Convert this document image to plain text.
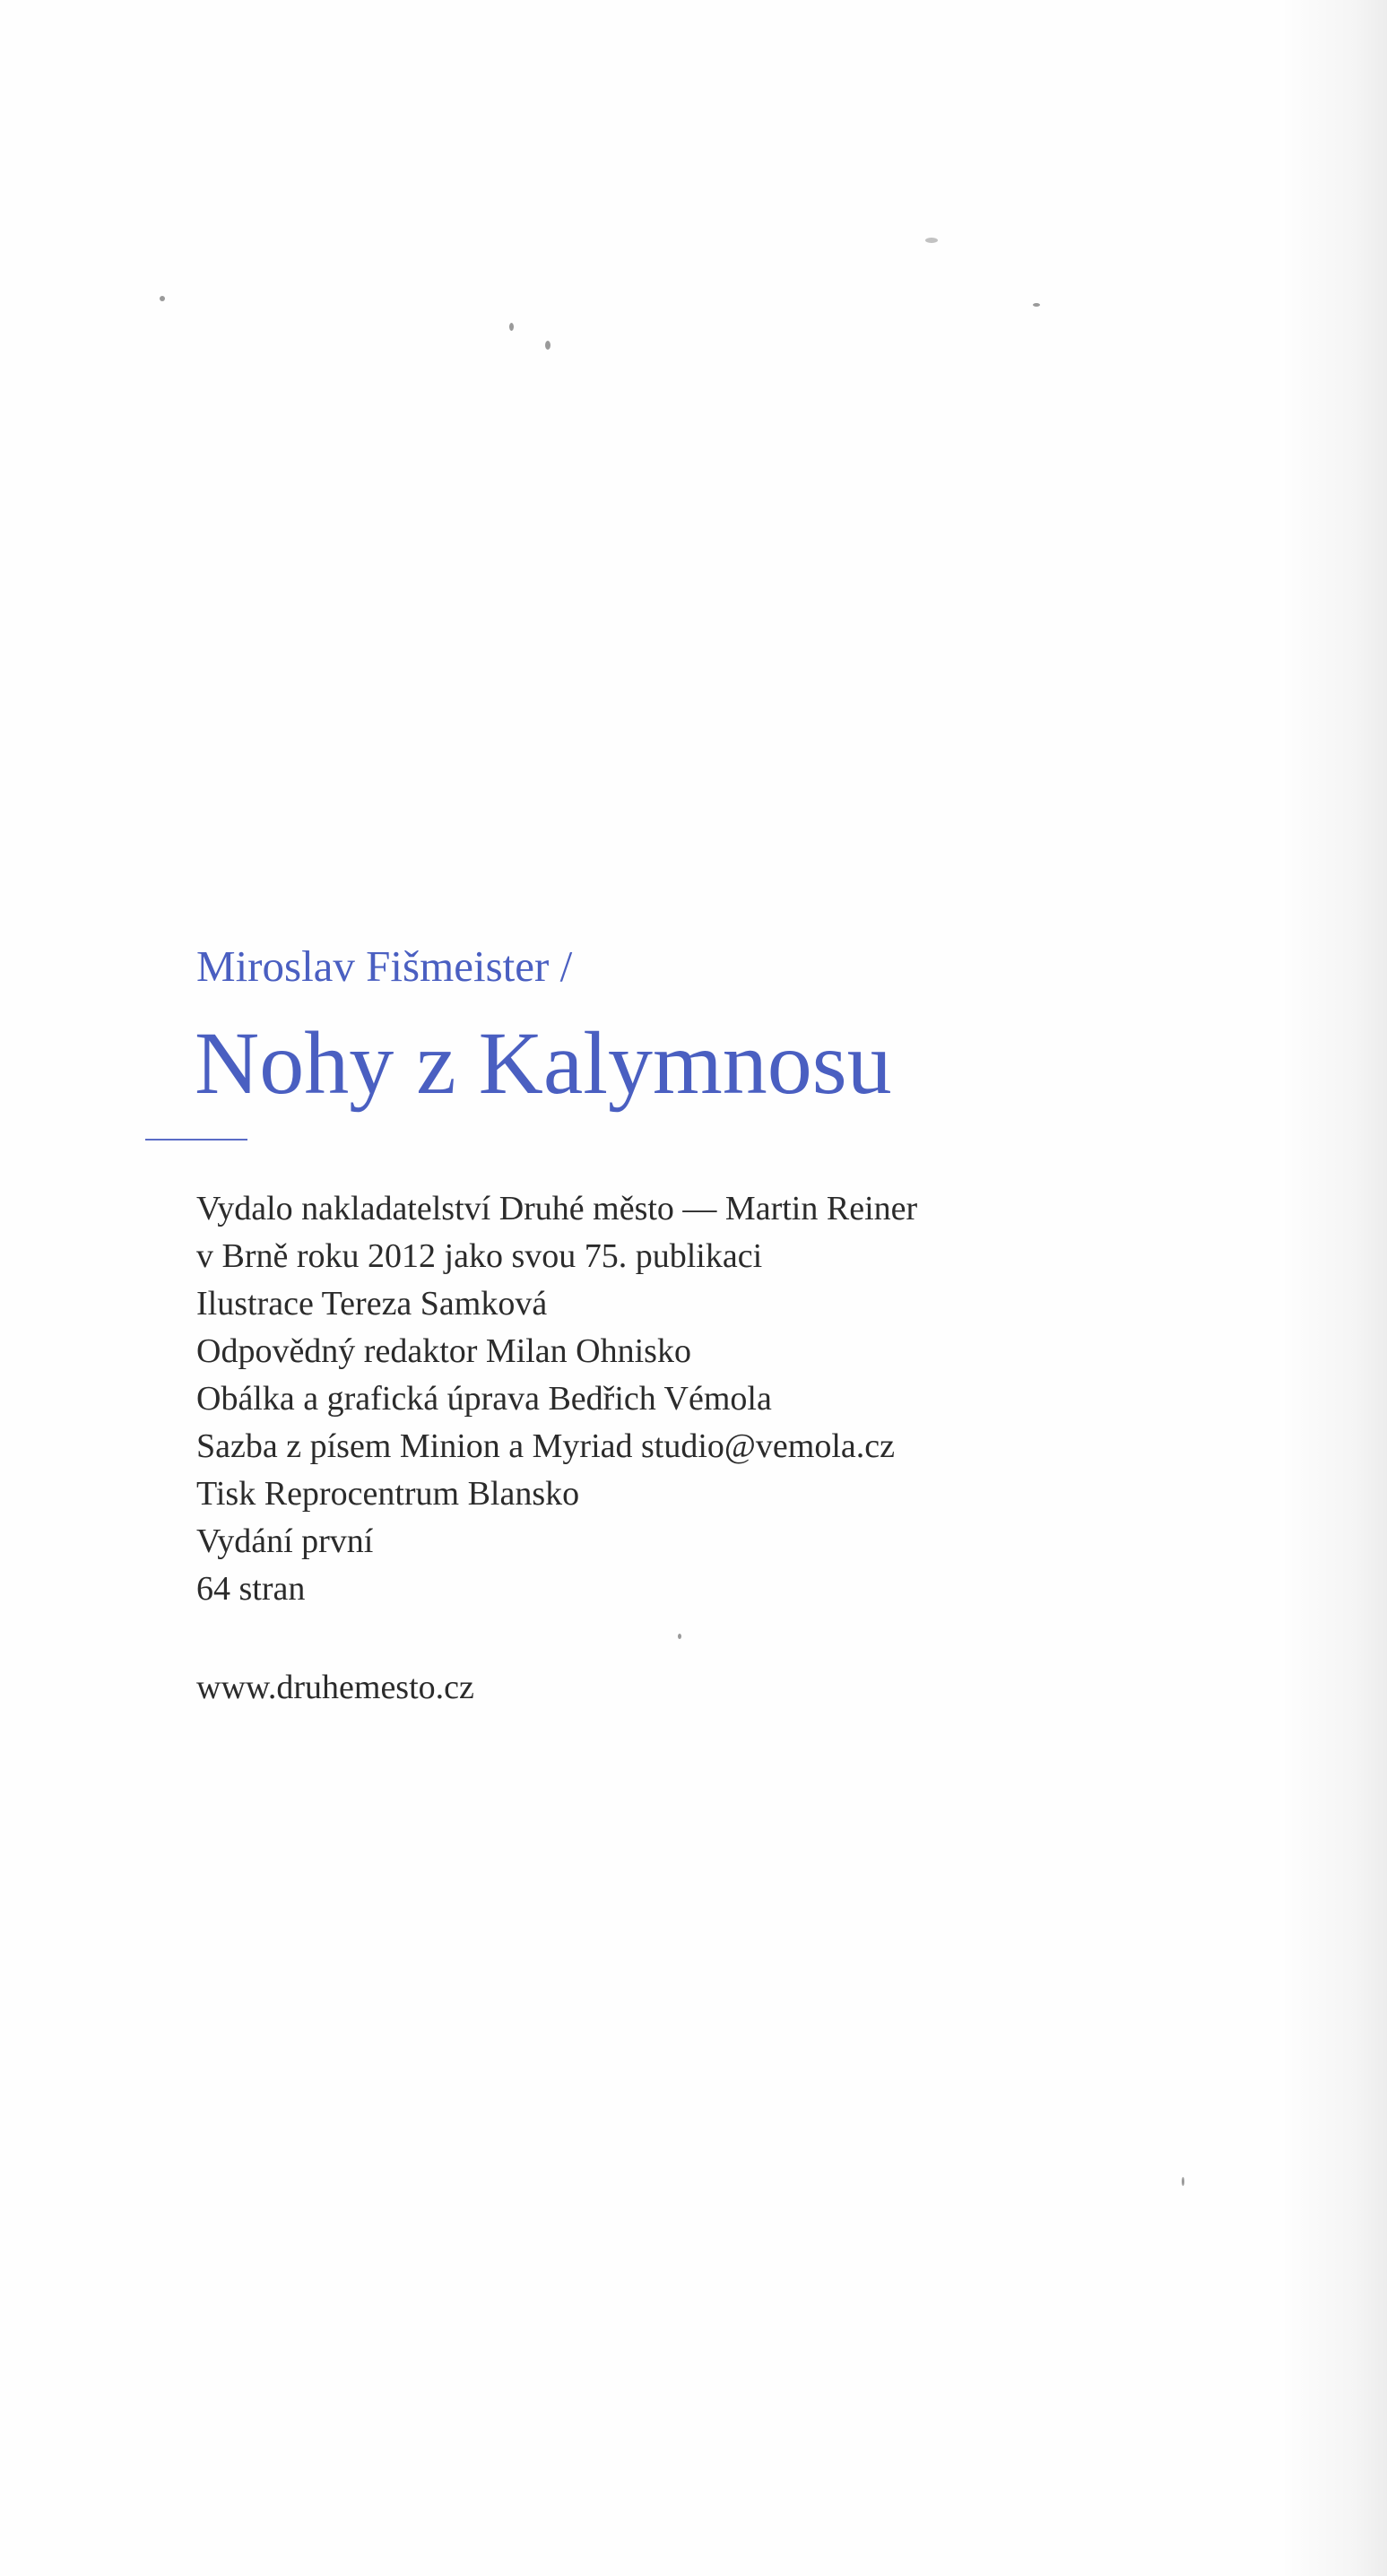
Miroslav Fišmeister /
Nohy z Kalymnosu
Vydalo nakladatelství Druhé město — Martin Reiner
v Brně roku 2012 jako svou 75. publikaci
Ilustrace Tereza Samková
Odpovědný redaktor Milan Ohnisko
Obálka a grafická úprava Bedřich Vémola
Sazba z písem Minion a Myriad studio@vemola.cz
Tisk Reprocentrum Blansko
Vydání první
64 stran
www.druhemesto.cz
